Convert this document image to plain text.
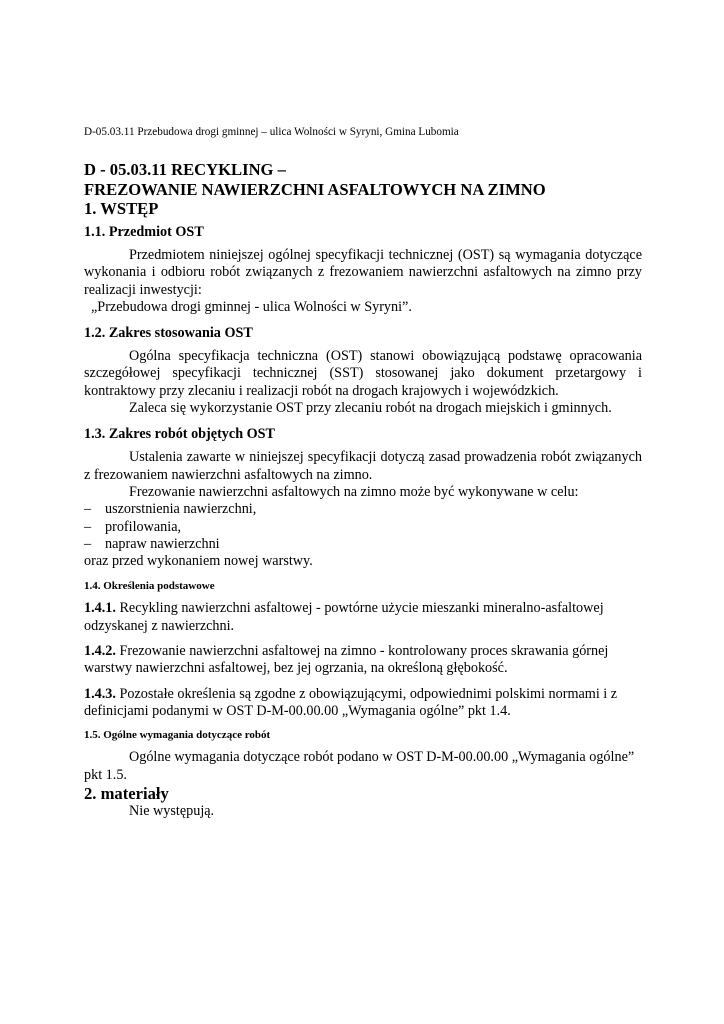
D-05.03.11 Przebudowa drogi gminnej – ulica Wolności w Syryni, Gmina Lubomia
D - 05.03.11 RECYKLING –
FREZOWANIE NAWIERZCHNI ASFALTOWYCH NA ZIMNO
1. WSTĘP
1.1. Przedmiot OST

Przedmiotem niniejszej ogólnej specyfikacji technicznej (OST) są wymagania dotyczące wykonania i odbioru robót związanych z frezowaniem nawierzchni asfaltowych na zimno przy realizacji inwestycji:

„Przebudowa drogi gminnej - ulica Wolności w Syryni”.

1.2. Zakres stosowania OST

Ogólna specyfikacja techniczna (OST) stanowi obowiązującą podstawę opracowania szczegółowej specyfikacji technicznej (SST) stosowanej jako dokument przetargowy i kontraktowy przy zlecaniu i realizacji robót na drogach krajowych i wojewódzkich.

Zaleca się wykorzystanie OST przy zlecaniu robót na drogach miejskich i gminnych.

1.3. Zakres robót objętych OST

Ustalenia zawarte w niniejszej specyfikacji dotyczą zasad prowadzenia robót związanych z frezowaniem nawierzchni asfaltowych na zimno.

Frezowanie nawierzchni asfaltowych na zimno może być wykonywane w celu:

– uszorstnienia nawierzchni,

– profilowania,

– napraw nawierzchni

oraz przed wykonaniem nowej warstwy.

1.4. Określenia podstawowe

1.4.1. Recykling nawierzchni asfaltowej - powtórne użycie mieszanki mineralno-asfaltowej odzyskanej z nawierzchni.

1.4.2. Frezowanie nawierzchni asfaltowej na zimno - kontrolowany proces skrawania górnej warstwy nawierzchni asfaltowej, bez jej ogrzania, na określoną głębokość.

1.4.3. Pozostałe określenia są zgodne z obowiązującymi, odpowiednimi polskimi normami i z definicjami podanymi w OST D-M-00.00.00 „Wymagania ogólne” pkt 1.4.

1.5. Ogólne wymagania dotyczące robót

Ogólne wymagania dotyczące robót podano w OST D-M-00.00.00 „Wymagania ogólne” pkt 1.5.

2. materiały

Nie występują.
